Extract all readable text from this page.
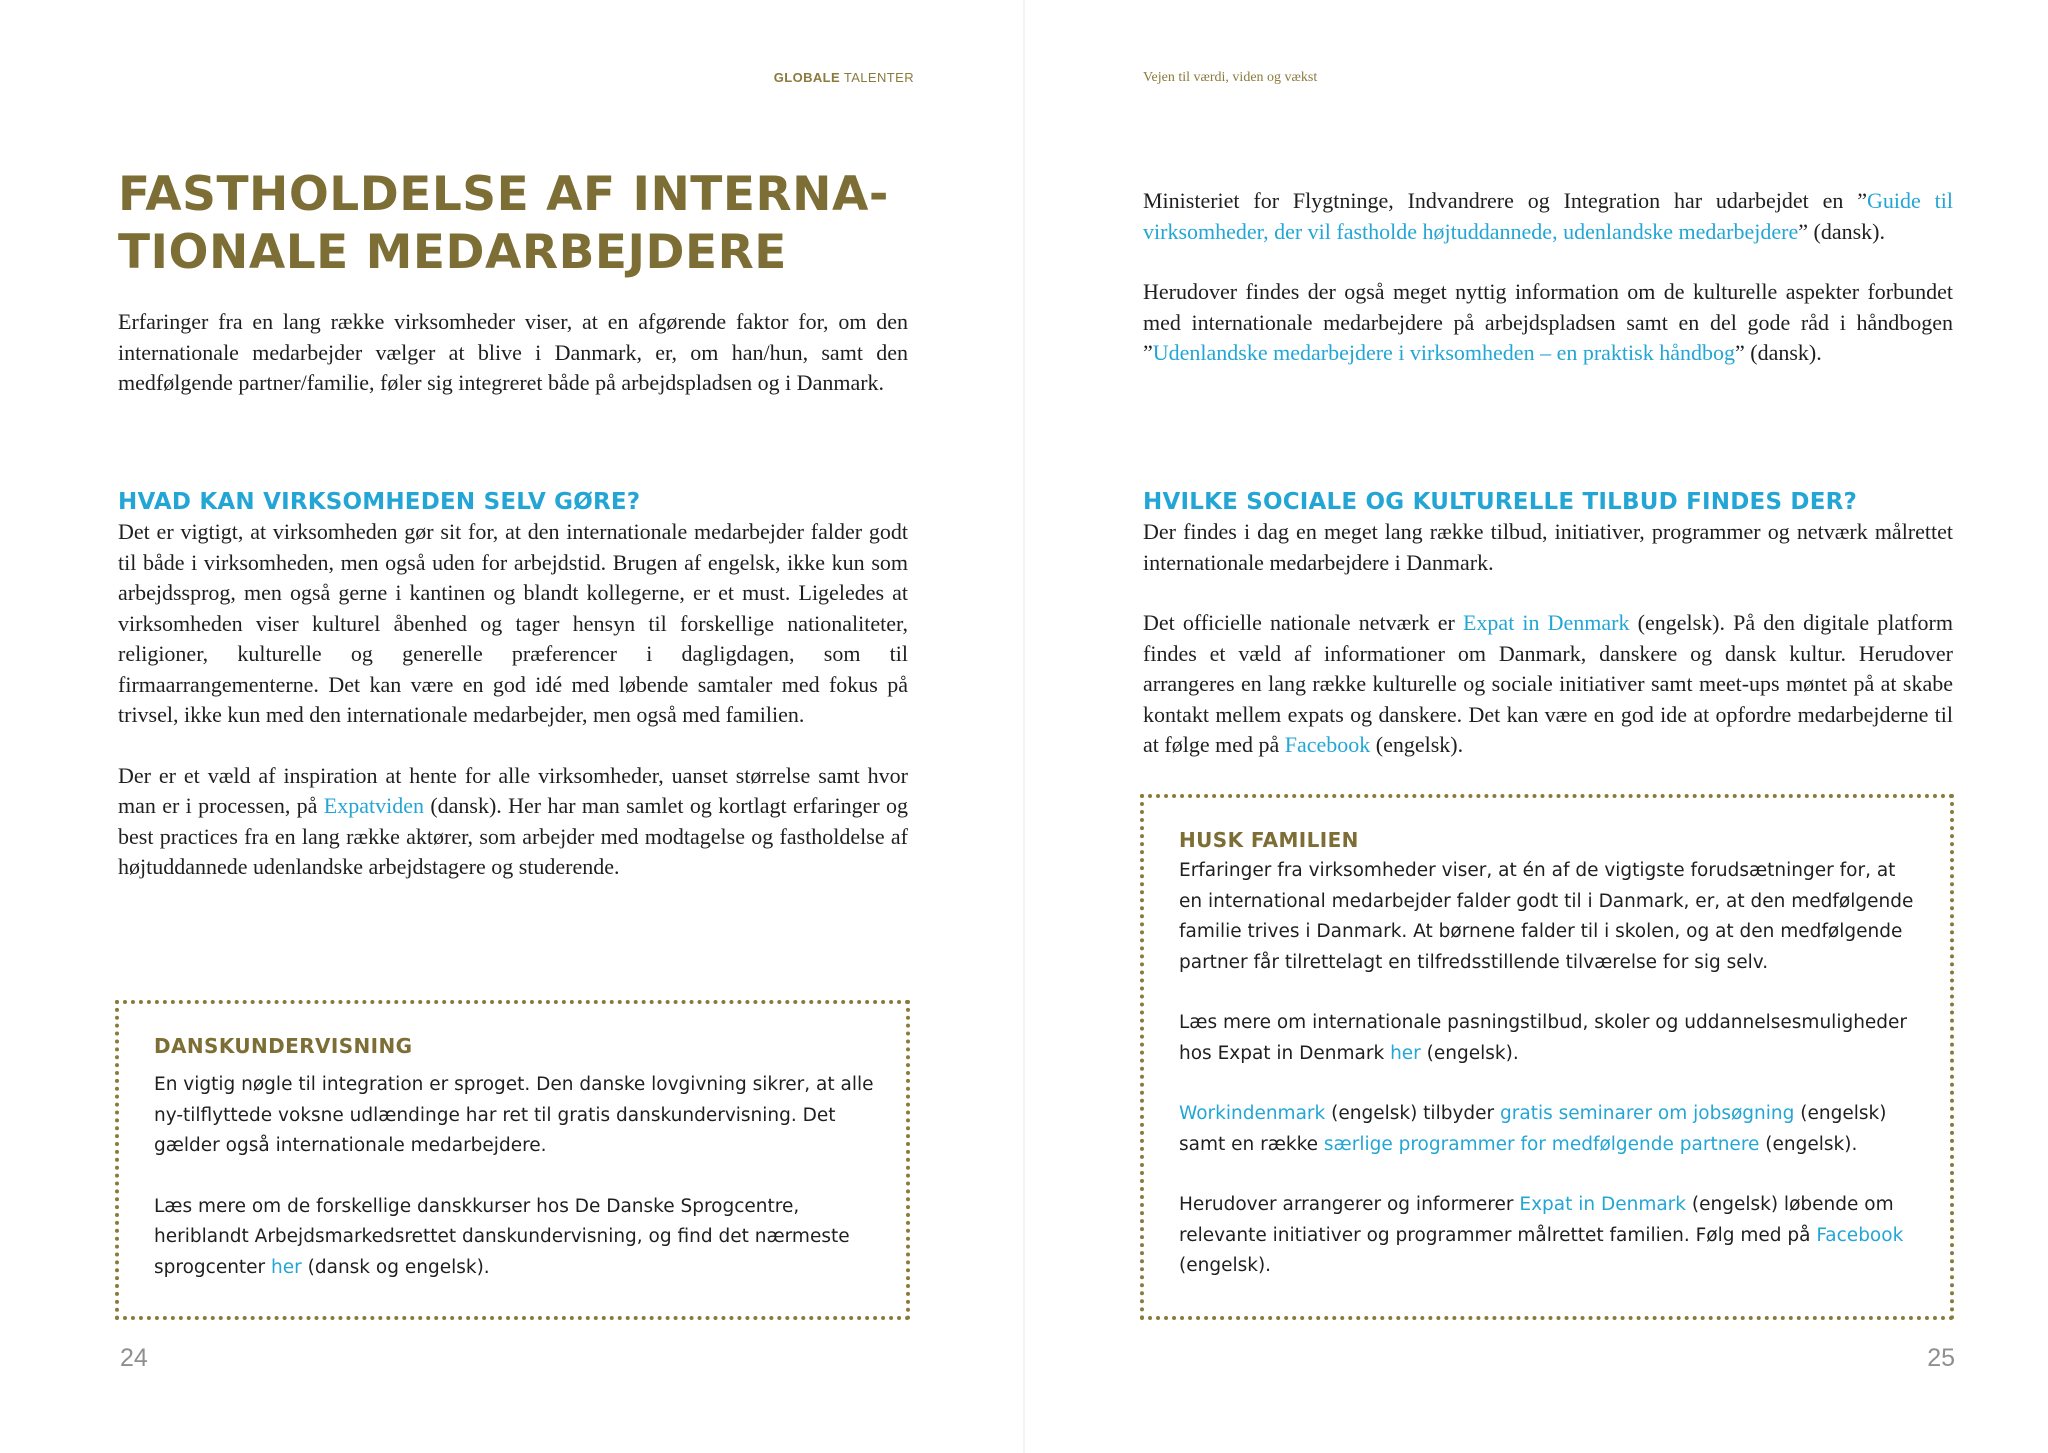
GLOBALE TALENTER
FASTHOLDELSE AF INTERNA-
TIONALE MEDARBEJDERE

Erfaringer fra en lang række virksomheder viser, at en afgørende faktor for, om den internationale medarbejder vælger at blive i Danmark, er, om han/hun, samt den medfølgende partner/familie, føler sig integreret både på arbejdspladsen og i Danmark.

HVAD KAN VIRKSOMHEDEN SELV GØRE?

Det er vigtigt, at virksomheden gør sit for, at den internationale medarbejder falder godt til både i virksomheden, men også uden for arbejdstid. Brugen af engelsk, ikke kun som arbejdssprog, men også gerne i kantinen og blandt kollegerne, er et must. Ligeledes at virksomheden viser kulturel åbenhed og tager hensyn til forskellige nationaliteter, religioner, kulturelle og generelle præferencer i dagligdagen, som til firmaarrangementerne. Det kan være en god idé med løbende samtaler med fokus på trivsel, ikke kun med den internationale medarbejder, men også med familien.

Der er et væld af inspiration at hente for alle virksomheder, uanset størrelse samt hvor man er i processen, på Expatviden (dansk). Her har man samlet og kortlagt erfaringer og best practices fra en lang række aktører, som arbejder med modtagelse og fastholdelse af højtuddannede udenlandske arbejdstagere og studerende.

DANSKUNDERVISNING

En vigtig nøgle til integration er sproget. Den danske lovgivning sikrer, at alle ny-tilflyttede voksne udlændinge har ret til gratis danskundervisning. Det gælder også internationale medarbejdere.

Læs mere om de forskellige danskkurser hos De Danske Sprogcentre, heriblandt Arbejdsmarkedsrettet danskundervisning, og find det nærmeste sprogcenter her (dansk og engelsk).

24
Vejen til værdi, viden og vækst

Ministeriet for Flygtninge, Indvandrere og Integration har udarbejdet en ”Guide til virksomheder, der vil fastholde højtuddannede, udenlandske medarbejdere” (dansk).

Herudover findes der også meget nyttig information om de kulturelle aspekter forbundet med internationale medarbejdere på arbejdspladsen samt en del gode råd i håndbogen ”Udenlandske medarbejdere i virksomheden – en praktisk håndbog” (dansk).

HVILKE SOCIALE OG KULTURELLE TILBUD FINDES DER?

Der findes i dag en meget lang række tilbud, initiativer, programmer og netværk målrettet internationale medarbejdere i Danmark.

Det officielle nationale netværk er Expat in Denmark (engelsk). På den digitale platform findes et væld af informationer om Danmark, danskere og dansk kultur. Herudover arrangeres en lang række kulturelle og sociale initiativer samt meet-ups møntet på at skabe kontakt mellem expats og danskere. Det kan være en god ide at opfordre medarbejderne til at følge med på Facebook (engelsk).

HUSK FAMILIEN

Erfaringer fra virksomheder viser, at én af de vigtigste forudsætninger for, at en international medarbejder falder godt til i Danmark, er, at den medfølgende familie trives i Danmark. At børnene falder til i skolen, og at den medfølgende partner får tilrettelagt en tilfredsstillende tilværelse for sig selv.

Læs mere om internationale pasningstilbud, skoler og uddannelsesmuligheder hos Expat in Denmark her (engelsk).

Workindenmark (engelsk) tilbyder gratis seminarer om jobsøgning (engelsk) samt en række særlige programmer for medfølgende partnere (engelsk).

Herudover arrangerer og informerer Expat in Denmark (engelsk) løbende om relevante initiativer og programmer målrettet familien. Følg med på Facebook (engelsk).

25
